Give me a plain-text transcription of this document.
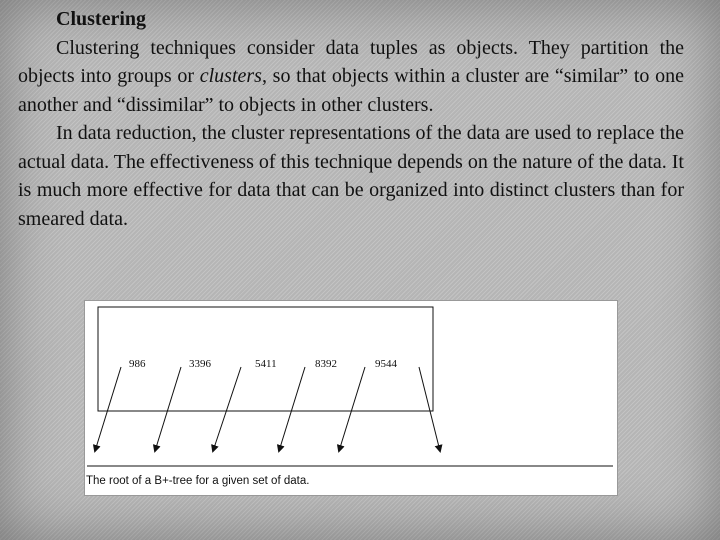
Clustering

Clustering techniques consider data tuples as objects. They partition the objects into groups or clusters, so that objects within a cluster are “similar” to one another and “dissimilar” to objects in other clusters.

In data reduction, the cluster representations of the data are used to replace the actual data. The effectiveness of this technique depends on the nature of the data. It is much more effective for data that can be organized into distinct clusters than for smeared data.

986	3396	5411	8392	9544
The root of a B+-tree for a given set of data.
